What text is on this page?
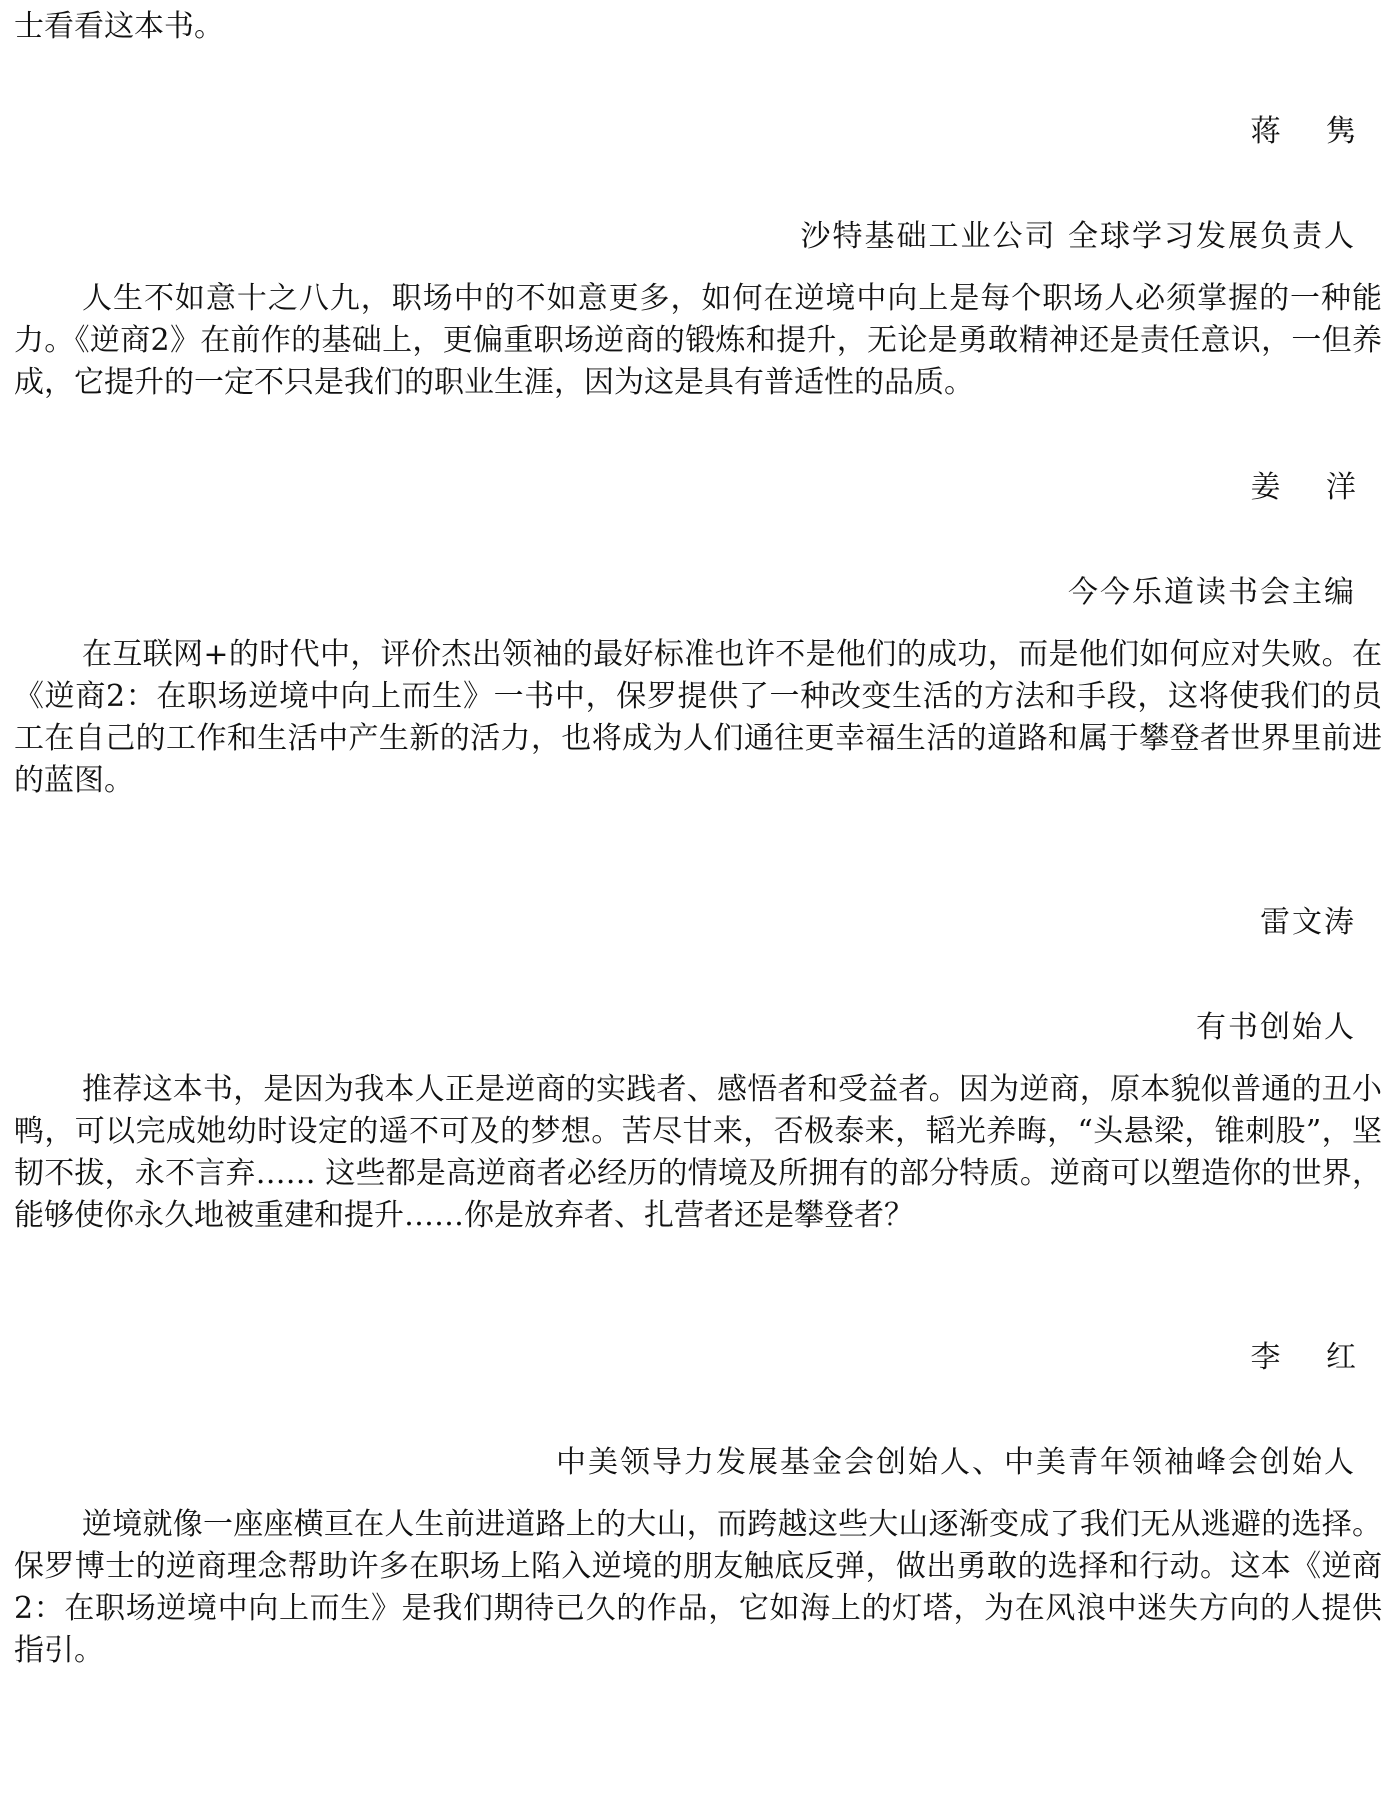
士看看这本书。

蒋 隽

沙特基础工业公司 全球学习发展负责人

人生不如意十之八九，职场中的不如意更多，如何在逆境中向上是每个职场人必须掌握的一种能力。《逆商2》在前作的基础上，更偏重职场逆商的锻炼和提升，无论是勇敢精神还是责任意识，一但养成，它提升的一定不只是我们的职业生涯，因为这是具有普适性的品质。

姜 洋

今今乐道读书会主编

在互联网+的时代中，评价杰出领袖的最好标准也许不是他们的成功，而是他们如何应对失败。在《逆商2：在职场逆境中向上而生》一书中，保罗提供了一种改变生活的方法和手段，这将使我们的员工在自己的工作和生活中产生新的活力，也将成为人们通往更幸福生活的道路和属于攀登者世界里前进的蓝图。

雷文涛

有书创始人

推荐这本书，是因为我本人正是逆商的实践者、感悟者和受益者。因为逆商，原本貌似普通的丑小鸭，可以完成她幼时设定的遥不可及的梦想。苦尽甘来，否极泰来，韬光养晦，“头悬梁，锥刺股”，坚韧不拔，永不言弃…… 这些都是高逆商者必经历的情境及所拥有的部分特质。逆商可以塑造你的世界，能够使你永久地被重建和提升……你是放弃者、扎营者还是攀登者？

李 红

中美领导力发展基金会创始人、中美青年领袖峰会创始人

逆境就像一座座横亘在人生前进道路上的大山，而跨越这些大山逐渐变成了我们无从逃避的选择。保罗博士的逆商理念帮助许多在职场上陷入逆境的朋友触底反弹，做出勇敢的选择和行动。这本《逆商2：在职场逆境中向上而生》是我们期待已久的作品，它如海上的灯塔，为在风浪中迷失方向的人提供指引。
